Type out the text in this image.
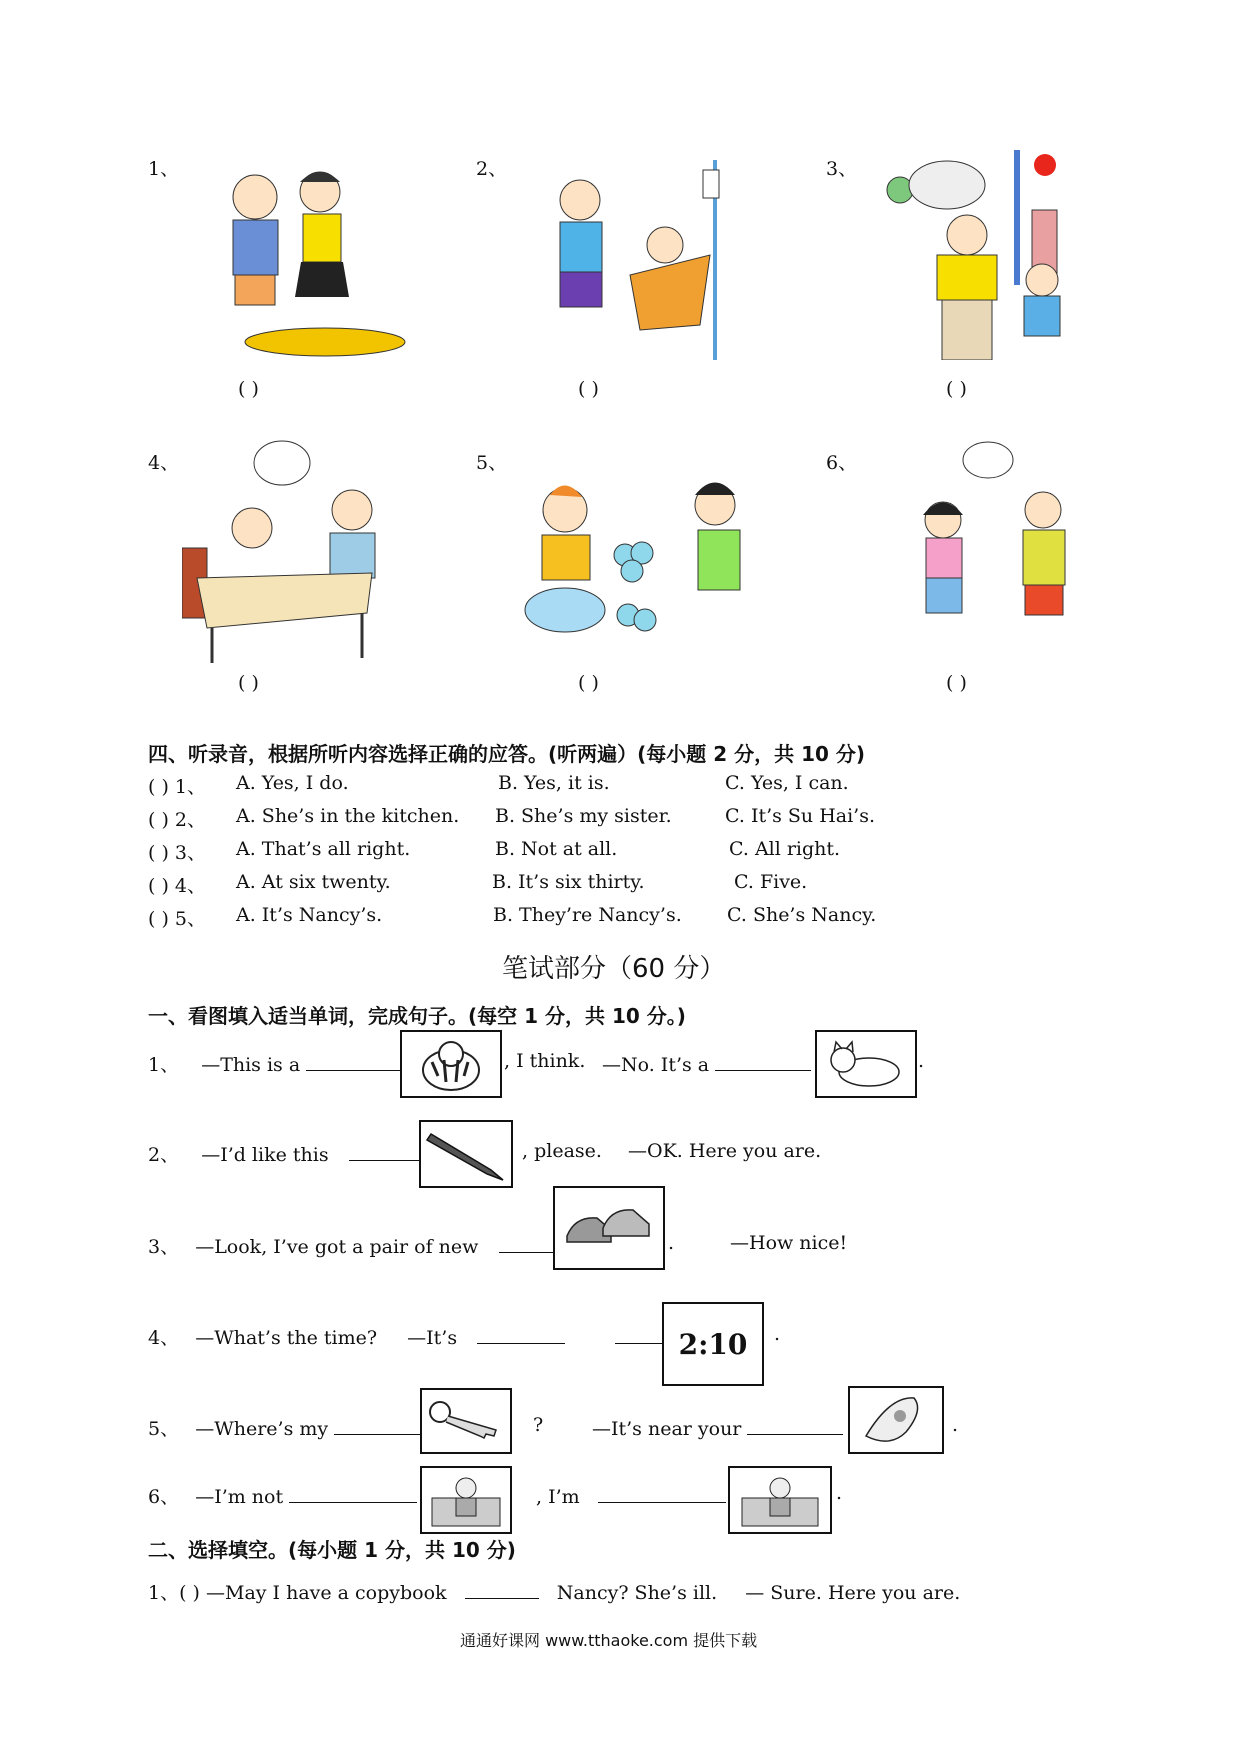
1、
( )
2、
( )
3、
( )
4、
( )
5、
( )
6、
( )
四、听录音，根据所听内容选择正确的应答。(听两遍）(每小题 2 分，共 10 分)
( ) 1、 A. Yes, I do.	B. Yes, it is.	C. Yes, I can.
( ) 2、 A. She’s in the kitchen. B. She’s my sister.	C. It’s Su Hai’s.
( ) 3、 A. That’s all right.	B. Not at all.	C. All right.
( ) 4、 A. At six twenty.	B. It’s six thirty.	C. Five.
( ) 5、 A. It’s Nancy’s.	B. They’re Nancy’s. C. She’s Nancy.
笔试部分（60 分）
一、看图填入适当单词，完成句子。(每空 1 分，共 10 分。)
1、 —This is a	, I think. —No. It’s a	.
2、 —I’d like this	, please. —OK. Here you are.
3、 —Look, I’ve got a pair of new	.	—How nice!
4、 —What’s the time? —It’s	2:10 .
5、 —Where’s my	?	—It’s near your	.
6、 —I’m not	, I’m	.
二、选择填空。(每小题 1 分，共 10 分)
1、( ) —May I have a copybook	Nancy? She’s ill. — Sure. Here you are.
通通好课网 www.tthaoke.com 提供下载
